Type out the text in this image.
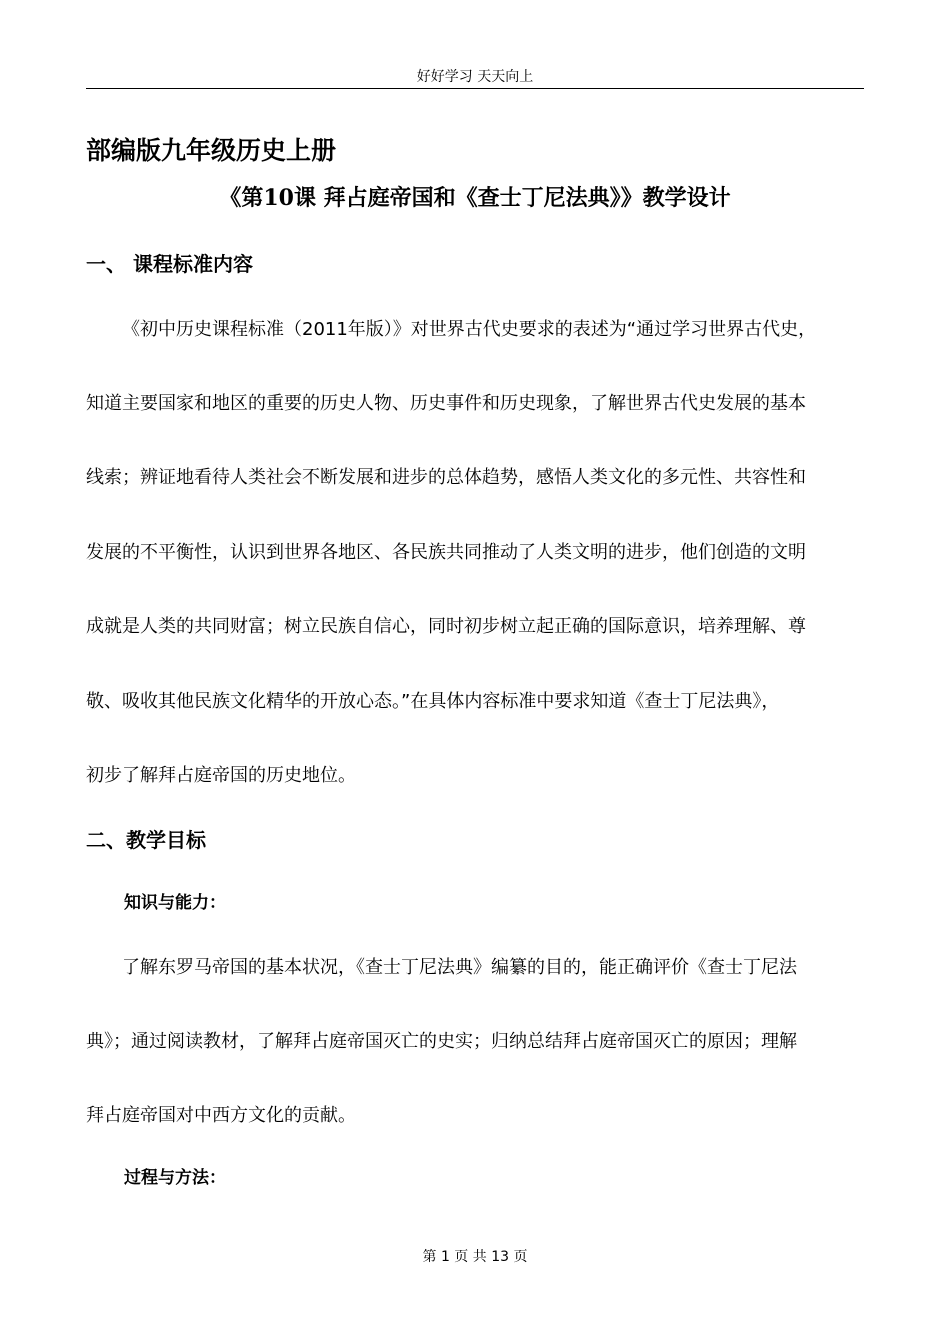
好好学习 天天向上
部编版九年级历史上册
《第10课 拜占庭帝国和《查士丁尼法典》》教学设计
一、 课程标准内容
《初中历史课程标准（2011年版）》对世界古代史要求的表述为“通过学习世界古代史，
知道主要国家和地区的重要的历史人物、历史事件和历史现象，了解世界古代史发展的基本
线索；辨证地看待人类社会不断发展和进步的总体趋势，感悟人类文化的多元性、共容性和
发展的不平衡性，认识到世界各地区、各民族共同推动了人类文明的进步，他们创造的文明
成就是人类的共同财富；树立民族自信心，同时初步树立起正确的国际意识，培养理解、尊
敬、吸收其他民族文化精华的开放心态。”在具体内容标准中要求知道《查士丁尼法典》，
初步了解拜占庭帝国的历史地位。
二、教学目标
知识与能力：
了解东罗马帝国的基本状况，《查士丁尼法典》编纂的目的，能正确评价《查士丁尼法
典》；通过阅读教材，了解拜占庭帝国灭亡的史实；归纳总结拜占庭帝国灭亡的原因；理解
拜占庭帝国对中西方文化的贡献。
过程与方法：
第 1 页 共 13 页
